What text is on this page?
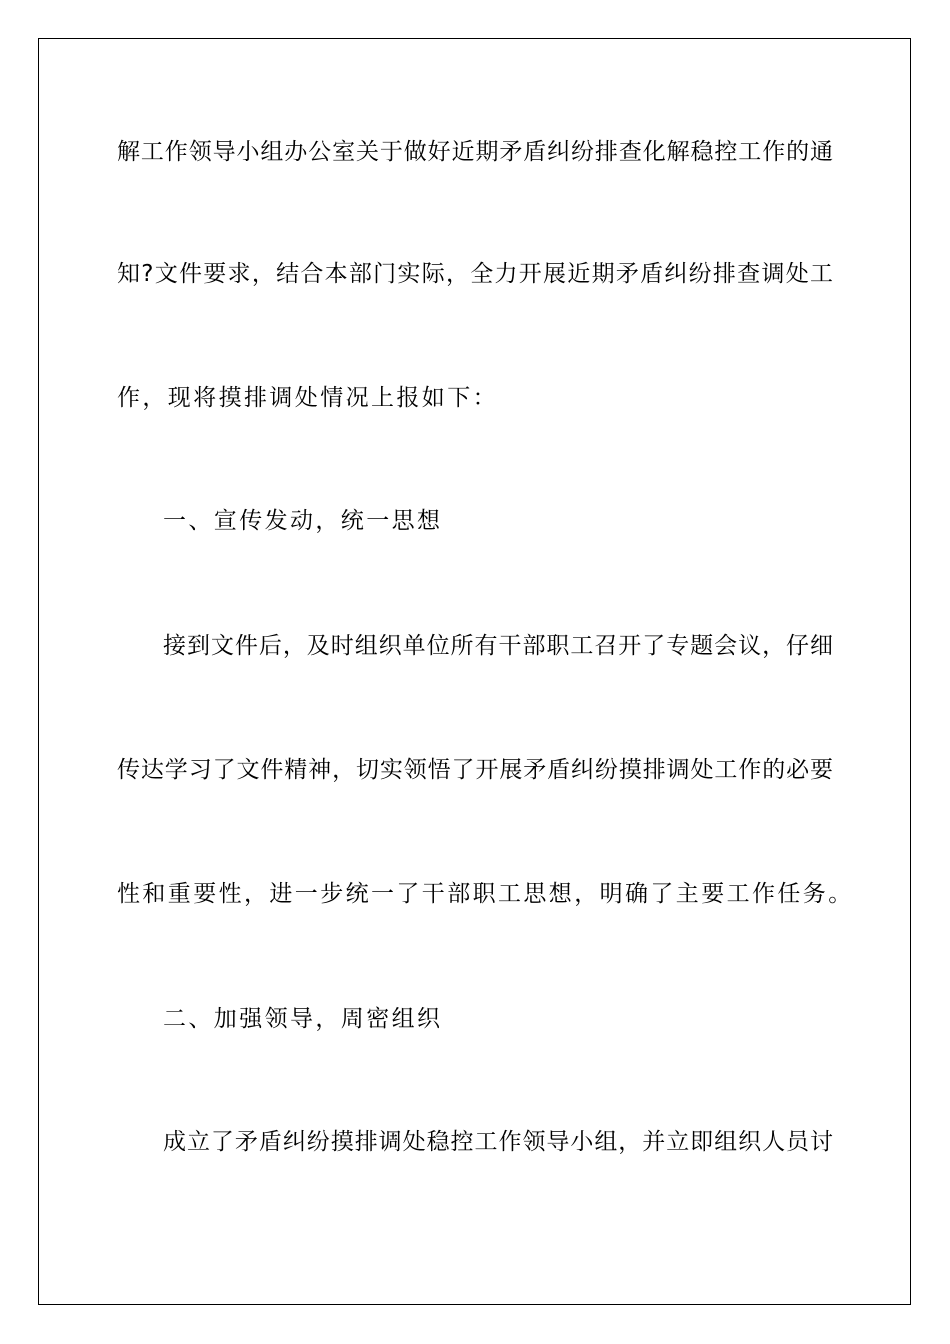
解工作领导小组办公室关于做好近期矛盾纠纷排查化解稳控工作的通
知?文件要求，结合本部门实际，全力开展近期矛盾纠纷排查调处工
作，现将摸排调处情况上报如下：
一、宣传发动，统一思想
接到文件后，及时组织单位所有干部职工召开了专题会议，仔细
传达学习了文件精神，切实领悟了开展矛盾纠纷摸排调处工作的必要
性和重要性，进一步统一了干部职工思想，明确了主要工作任务。
二、加强领导，周密组织
成立了矛盾纠纷摸排调处稳控工作领导小组，并立即组织人员讨
